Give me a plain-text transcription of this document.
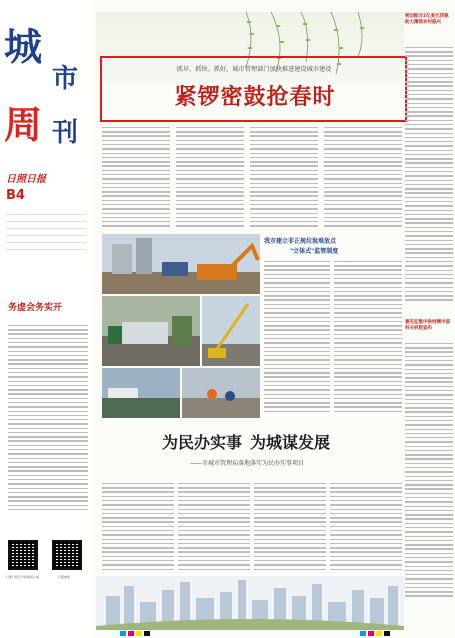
城
市
周 刊
日照日报
B4

务虚会务实开
日照日报官方新闻客户端	日照城建
抓早、抓快、抓好，城市管理部门加快推进建设城市建设
紧锣密鼓抢春时
我市建立非正规垃圾堆放点
"立体式"监管制度
为民办实事 为城谋发展
——市城市管理局落地落实为民办实事项目
密切配合2亿美元贷款助力薄弱乡村振兴
意见征集中供给侧中国科分析院宣布
